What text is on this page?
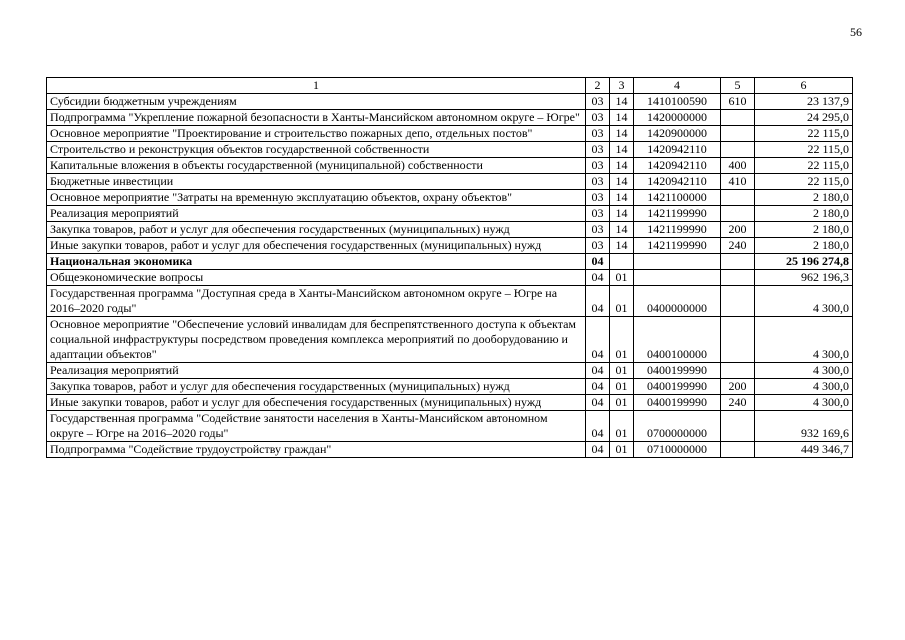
56
1	2	3	4	5	6
Субсидии бюджетным учреждениям	03	14	1410100590	610	23 137,9
Подпрограмма "Укрепление пожарной безопасности в Ханты-Мансийском автономном округе – Югре"	03	14	1420000000		24 295,0
Основное мероприятие "Проектирование и строительство пожарных депо, отдельных постов"	03	14	1420900000		22 115,0
Строительство и реконструкция объектов государственной собственности	03	14	1420942110		22 115,0
Капитальные вложения в объекты государственной (муниципальной) собственности	03	14	1420942110	400	22 115,0
Бюджетные инвестиции	03	14	1420942110	410	22 115,0
Основное мероприятие "Затраты на временную эксплуатацию объектов, охрану объектов"	03	14	1421100000		2 180,0
Реализация мероприятий	03	14	1421199990		2 180,0
Закупка товаров, работ и услуг для обеспечения государственных (муниципальных) нужд	03	14	1421199990	200	2 180,0
Иные закупки товаров, работ и услуг для обеспечения государственных (муниципальных) нужд	03	14	1421199990	240	2 180,0
Национальная экономика	04				25 196 274,8
Общеэкономические вопросы	04	01			962 196,3
Государственная программа "Доступная среда в Ханты-Мансийском автономном округе – Югре на 2016–2020 годы"	04	01	0400000000		4 300,0
Основное мероприятие "Обеспечение условий инвалидам для беспрепятственного доступа к объектам социальной инфраструктуры посредством проведения комплекса мероприятий по дооборудованию и адаптации объектов"	04	01	0400100000		4 300,0
Реализация мероприятий	04	01	0400199990		4 300,0
Закупка товаров, работ и услуг для обеспечения государственных (муниципальных) нужд	04	01	0400199990	200	4 300,0
Иные закупки товаров, работ и услуг для обеспечения государственных (муниципальных) нужд	04	01	0400199990	240	4 300,0
Государственная программа "Содействие занятости населения в Ханты-Мансийском автономном округе – Югре на 2016–2020 годы"	04	01	0700000000		932 169,6
Подпрограмма "Содействие трудоустройству граждан"	04	01	0710000000		449 346,7
